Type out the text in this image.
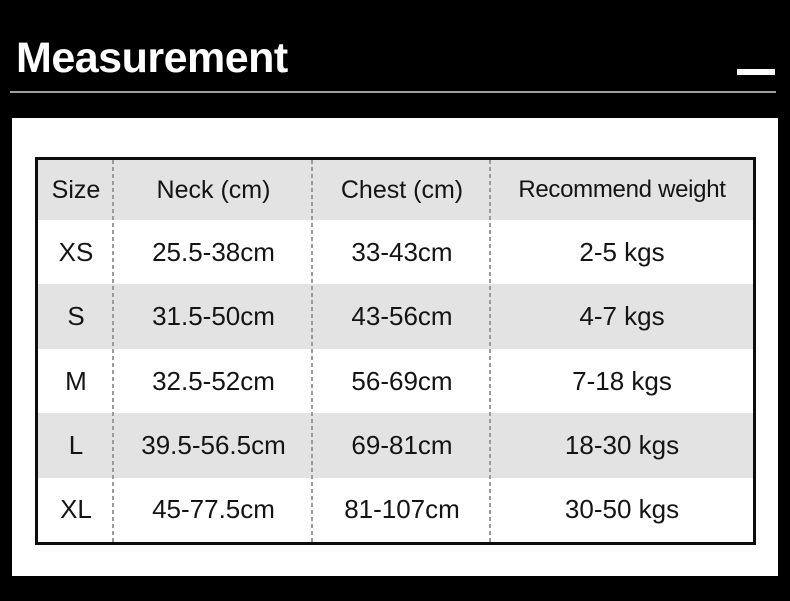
Measurement
Size	Neck (cm)	Chest (cm)	Recommend weight
XS	25.5-38cm	33-43cm	2-5 kgs
S	31.5-50cm	43-56cm	4-7 kgs
M	32.5-52cm	56-69cm	7-18 kgs
L	39.5-56.5cm	69-81cm	18-30 kgs
XL	45-77.5cm	81-107cm	30-50 kgs
